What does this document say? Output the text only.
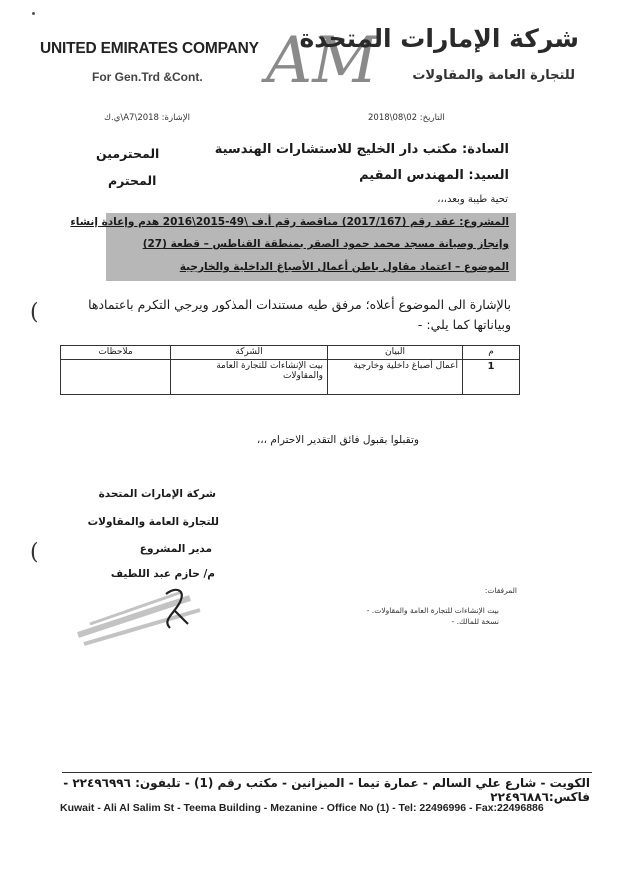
UNITED EMIRATES COMPANY
For Gen.Trd &Cont. AM
شركة الإمارات المتحدة
للتجارة العامة والمقاولات
التاريخ: 02\08\2018
الإشارة: A7\2018\ي.ك
السادة: مكتب دار الخليج للاستشارات الهندسية
المحترمين
السيد: المهندس المقيم
المحترم
تحية طيبة وبعد،،،
المشروع: عقد رقم (2017/167) مناقصة رقم أ.ف \49-2015\2016 هدم وإعادة إنشاء
وإنجاز وصيانة مسجد محمد حمود الصقر بمنطقة القناطس – قطعة (27)
الموضوع – اعتماد مقاول باطن أعمال الأصباغ الداخلية والخارجية
بالإشارة الى الموضوع أعلاه؛ مرفق طيه مستندات المذكور ويرجي التكرم باعتمادها
وبياناتها كما يلي: -
م	البيان	الشركة	ملاحظات
1	أعمال أصباغ داخلية وخارجية	بيت الإنشاءات للتجارة العامة والمقاولات	
وتقبلوا بقبول فائق التقدير الاحترام ،،،
شركة الإمارات المتحدة
للتجارة العامة والمقاولات
مدير المشروع
م/ حازم عبد اللطيف
المرفقات:
بيت الإنشاءات للتجارة العامة والمقاولات. -
نسخة للمالك. -
(
(
الكويت - شارع علي السالم - عمارة تيما - الميزانين - مكتب رقم (1) - تليفون: ٢٢٤٩٦٩٩٦ - فاكس:٢٢٤٩٦٨٨٦
Kuwait - Ali Al Salim St - Teema Building - Mezanine - Office No (1) - Tel: 22496996 - Fax:22496886
